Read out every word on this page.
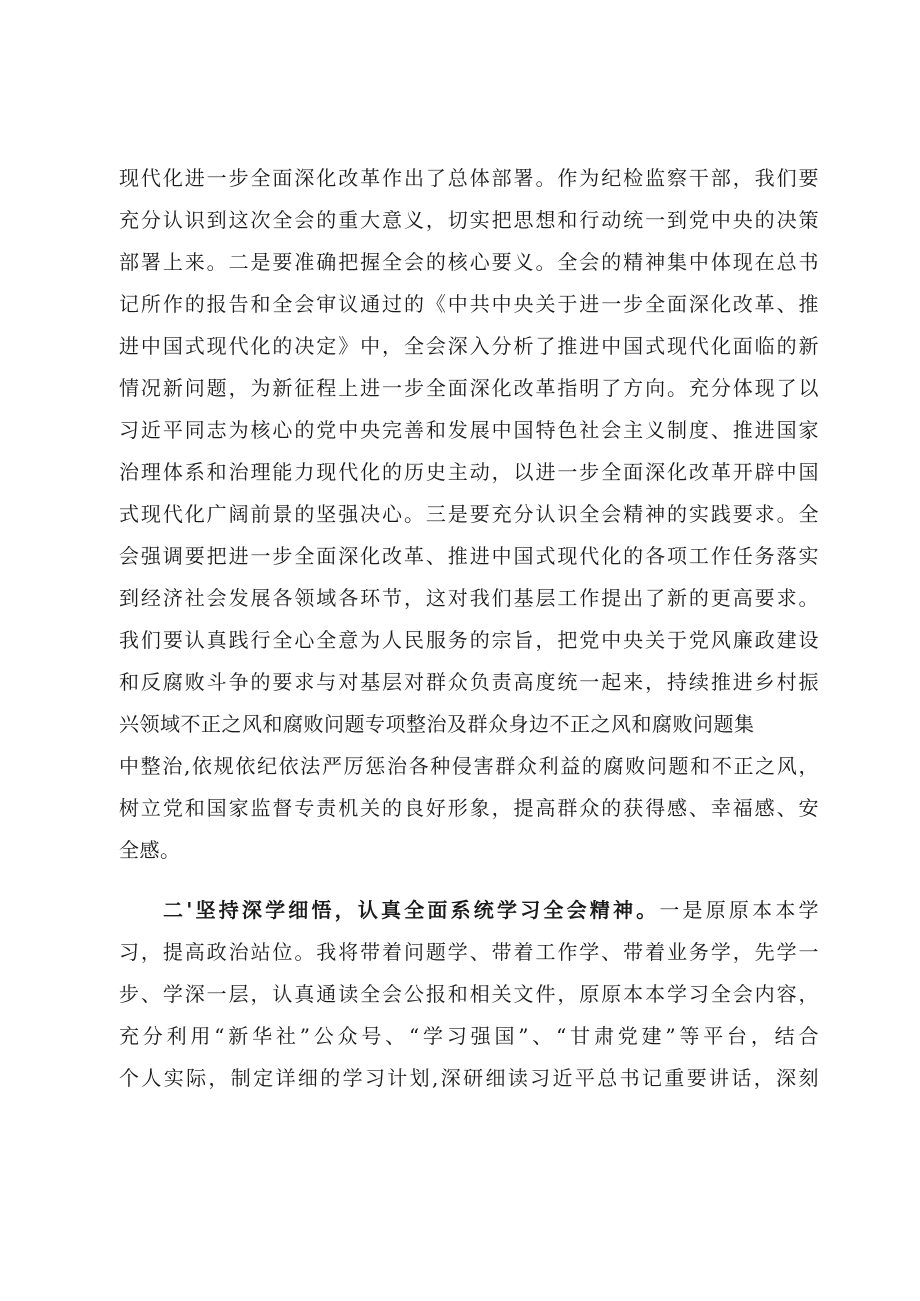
现代化进一步全面深化改革作出了总体部署。作为纪检监察干部，我们要
充分认识到这次全会的重大意义，切实把思想和行动统一到党中央的决策
部署上来。二是要准确把握全会的核心要义。全会的精神集中体现在总书
记所作的报告和全会审议通过的《中共中央关于进一步全面深化改革、推
进中国式现代化的决定》中，全会深入分析了推进中国式现代化面临的新
情况新问题，为新征程上进一步全面深化改革指明了方向。充分体现了以
习近平同志为核心的党中央完善和发展中国特色社会主义制度、推进国家
治理体系和治理能力现代化的历史主动，以进一步全面深化改革开辟中国
式现代化广阔前景的坚强决心。三是要充分认识全会精神的实践要求。全
会强调要把进一步全面深化改革、推进中国式现代化的各项工作任务落实
到经济社会发展各领域各环节，这对我们基层工作提出了新的更高要求。
我们要认真践行全心全意为人民服务的宗旨，把党中央关于党风廉政建设
和反腐败斗争的要求与对基层对群众负责高度统一起来，持续推进乡村振
兴领域不正之风和腐败问题专项整治及群众身边不正之风和腐败问题集
中整治,依规依纪依法严厉惩治各种侵害群众利益的腐败问题和不正之风，
树立党和国家监督专责机关的良好形象，提高群众的获得感、幸福感、安
全感。
二'坚持深学细悟，认真全面系统学习全会精神。一是原原本本学
习，提高政治站位。我将带着问题学、带着工作学、带着业务学，先学一
步、学深一层，认真通读全会公报和相关文件，原原本本学习全会内容，
充分利用“新华社”公众号、“学习强国”、“甘肃党建”等平台，结合
个人实际，制定详细的学习计划,深研细读习近平总书记重要讲话，深刻
